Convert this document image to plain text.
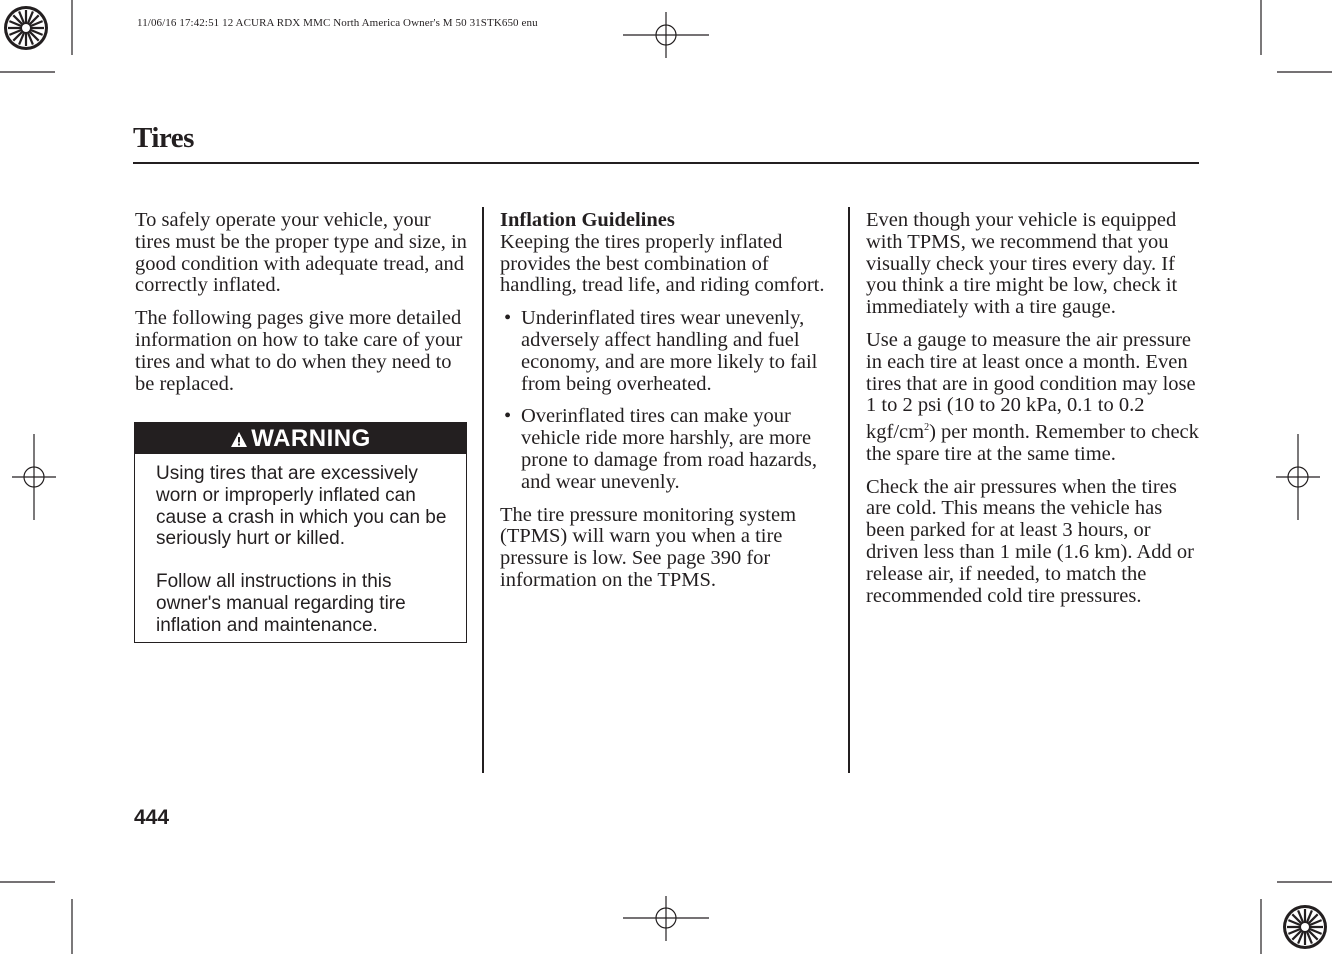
11/06/16 17:42:51 12 ACURA RDX MMC North America Owner's M 50 31STK650 enu
Tires

To safely operate your vehicle, your tires must be the proper type and size, in good condition with adequate tread, and correctly inflated.

The following pages give more detailed information on how to take care of your tires and what to do when they need to be replaced.

WARNING

Using tires that are excessively worn or improperly inflated can cause a crash in which you can be seriously hurt or killed.

Follow all instructions in this owner's manual regarding tire inflation and maintenance.

Inflation Guidelines

Keeping the tires properly inflated provides the best combination of handling, tread life, and riding comfort.

• Underinflated tires wear unevenly, adversely affect handling and fuel economy, and are more likely to fail from being overheated.
• Overinflated tires can make your vehicle ride more harshly, are more prone to damage from road hazards, and wear unevenly.

The tire pressure monitoring system (TPMS) will warn you when a tire pressure is low. See page 390 for information on the TPMS.

Even though your vehicle is equipped with TPMS, we recommend that you visually check your tires every day. If you think a tire might be low, check it immediately with a tire gauge.

Use a gauge to measure the air pressure in each tire at least once a month. Even tires that are in good condition may lose 1 to 2 psi (10 to 20 kPa, 0.1 to 0.2 kgf/$cm^2$) per month. Remember to check the spare tire at the same time.

Check the air pressures when the tires are cold. This means the vehicle has been parked for at least 3 hours, or driven less than 1 mile (1.6 km). Add or release air, if needed, to match the recommended cold tire pressures.

444
